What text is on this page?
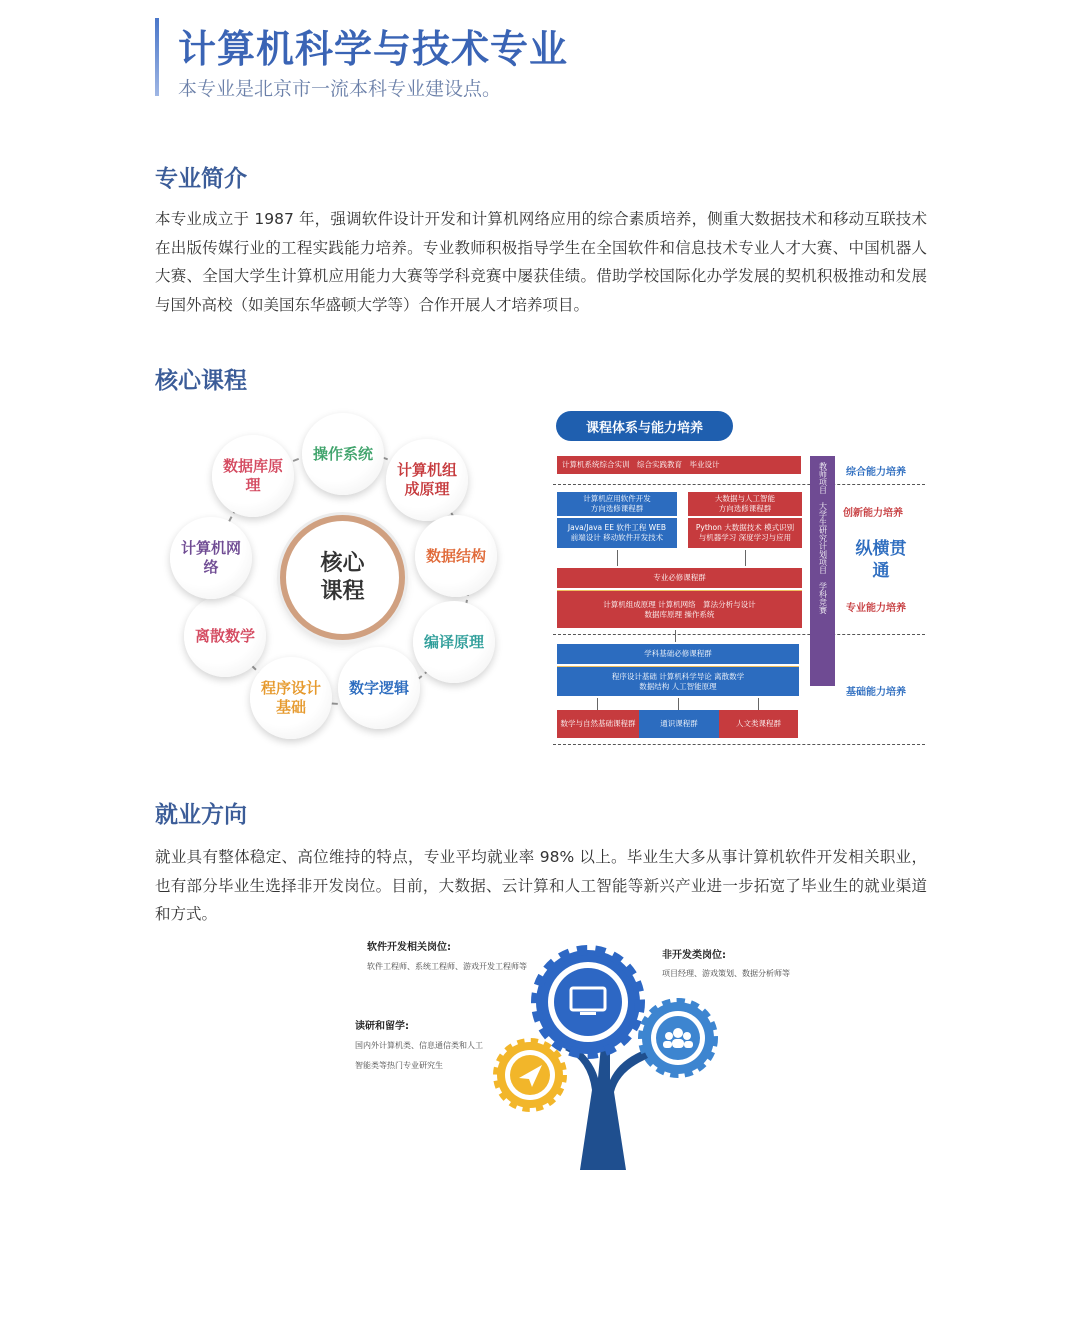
计算机科学与技术专业
本专业是北京市一流本科专业建设点。
专业简介
本专业成立于 1987 年，强调软件设计开发和计算机网络应用的综合素质培养，侧重大数据技术和移动互联技术在出版传媒行业的工程实践能力培养。专业教师积极指导学生在全国软件和信息技术专业人才大赛、中国机器人大赛、全国大学生计算机应用能力大赛等学科竞赛中屡获佳绩。借助学校国际化办学发展的契机积极推动和发展与国外高校（如美国东华盛顿大学等）合作开展人才培养项目。
核心课程
核心课程
操作系统
计算机组成原理
数据结构
编译原理
数字逻辑
程序设计基础
离散数学
计算机网络
数据库原理
课程体系与能力培养
计算机系统综合实训　综合实践教育　毕业设计
计算机应用软件开发
方向选修课程群
Java/Java EE 软件工程 WEB
前端设计 移动软件开发技术
大数据与人工智能
方向选修课程群
Python 大数据技术 模式识别
与机器学习 深度学习与应用
专业必修课程群
计算机组成原理 计算机网络　算法分析与设计
数据库原理 操作系统
学科基础必修课程群
程序设计基础 计算机科学导论 离散数学
数据结构 人工智能原理
数学与自然基础课程群	通识课程群	人文类课程群
教师项目　大学生研究计划项目　学科竞赛 综合能力培养
创新能力培养
专业能力培养
基础能力培养
纵横贯通
就业方向
就业具有整体稳定、高位维持的特点，专业平均就业率 98% 以上。毕业生大多从事计算机软件开发相关职业，也有部分毕业生选择非开发岗位。目前，大数据、云计算和人工智能等新兴产业进一步拓宽了毕业生的就业渠道和方式。
软件开发相关岗位:
软件工程师、系统工程师、游戏开发工程师等
非开发类岗位:
项目经理、游戏策划、数据分析师等
读研和留学:
国内外计算机类、信息通信类和人工
智能类等热门专业研究生
